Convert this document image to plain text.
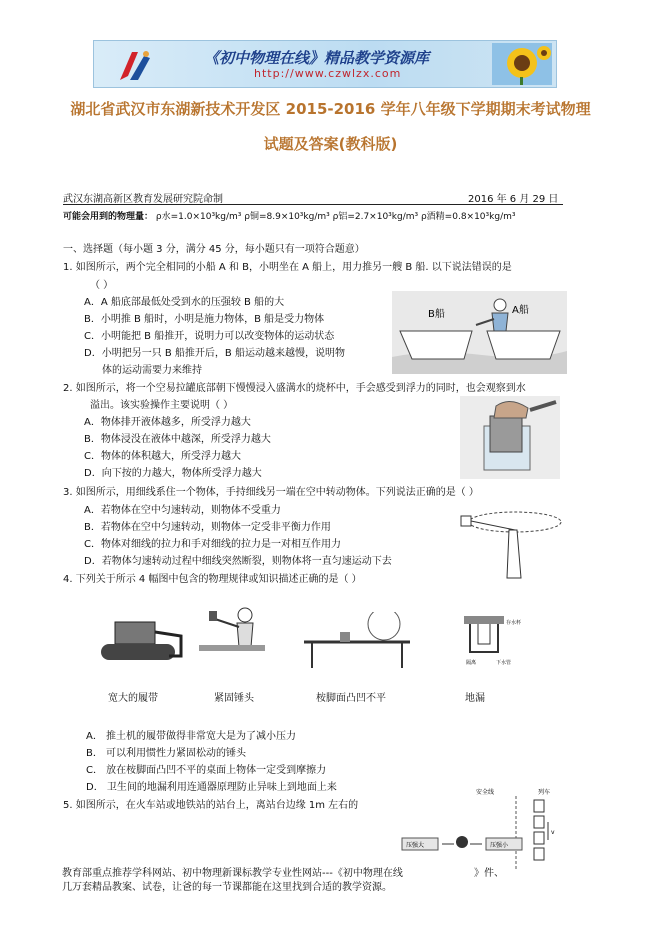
《初中物理在线》精品教学资源库
http://www.czwlzx.com
湖北省武汉市东湖新技术开发区 2015-2016 学年八年级下学期期末考试物理
试题及答案(教科版)
武汉东湖高新区教育发展研究院命制	2016 年 6 月 29 日
可能会用到的物理量： ρ水=1.0×10³kg/m³ ρ铜=8.9×10³kg/m³ ρ铝=2.7×10³kg/m³ ρ酒精=0.8×10³kg/m³
一、选择题（每小题 3 分，满分 45 分，每小题只有一项符合题意）
1. 如图所示，两个完全相同的小船 A 和 B，小明坐在 A 船上，用力推另一艘 B 船. 以下说法错误的是
（ ）
A．A 船底部最低处受到水的压强较 B 船的大
B．小明推 B 船时，小明是施力物体，B 船是受力物体
C．小明能把 B 船推开，说明力可以改变物体的运动状态
D．小明把另一只 B 船推开后，B 船运动越来越慢，说明物
体的运动需要力来维持
B船	A船
2. 如图所示，将一个空易拉罐底部朝下慢慢浸入盛满水的烧杯中，手会感受到浮力的同时，也会观察到水
溢出。该实验操作主要说明（ ）
A．物体排开液体越多，所受浮力越大
B．物体浸没在液体中越深，所受浮力越大
C．物体的体积越大，所受浮力越大
D．向下按的力越大，物体所受浮力越大
3. 如图所示，用细线系住一个物体，手持细线另一端在空中转动物体。下列说法正确的是（ ）
A．若物体在空中匀速转动，则物体不受重力
B．若物体在空中匀速转动，则物体一定受非平衡力作用
C．物体对细线的拉力和手对细线的拉力是一对相互作用力
D．若物体匀速转动过程中细线突然断裂，则物体将一直匀速运动下去
4. 下列关于所示 4 幅图中包含的物理规律或知识描述正确的是（ ）
存水杯
隔离	下水管
宽大的履带	紧固锤头	桉脚面凸凹不平	地漏
A． 推土机的履带做得非常宽大是为了减小压力
B． 可以利用惯性力紧固松动的锤头
C． 放在桉脚面凸凹不平的桌面上物体一定受到摩擦力
D． 卫生间的地漏利用连通器原理防止异味上到地面上来
5. 如图所示，在火车站或地铁站的站台上，离站台边缘 1m 左右的
安全线	列车
v
压强大	压强小
教育部重点推荐学科网站、初中物理新课标教学专业性网站---《初中物理在线	》件、
几万套精品教案、试卷，让爸的每一节课都能在这里找到合适的教学资源。
